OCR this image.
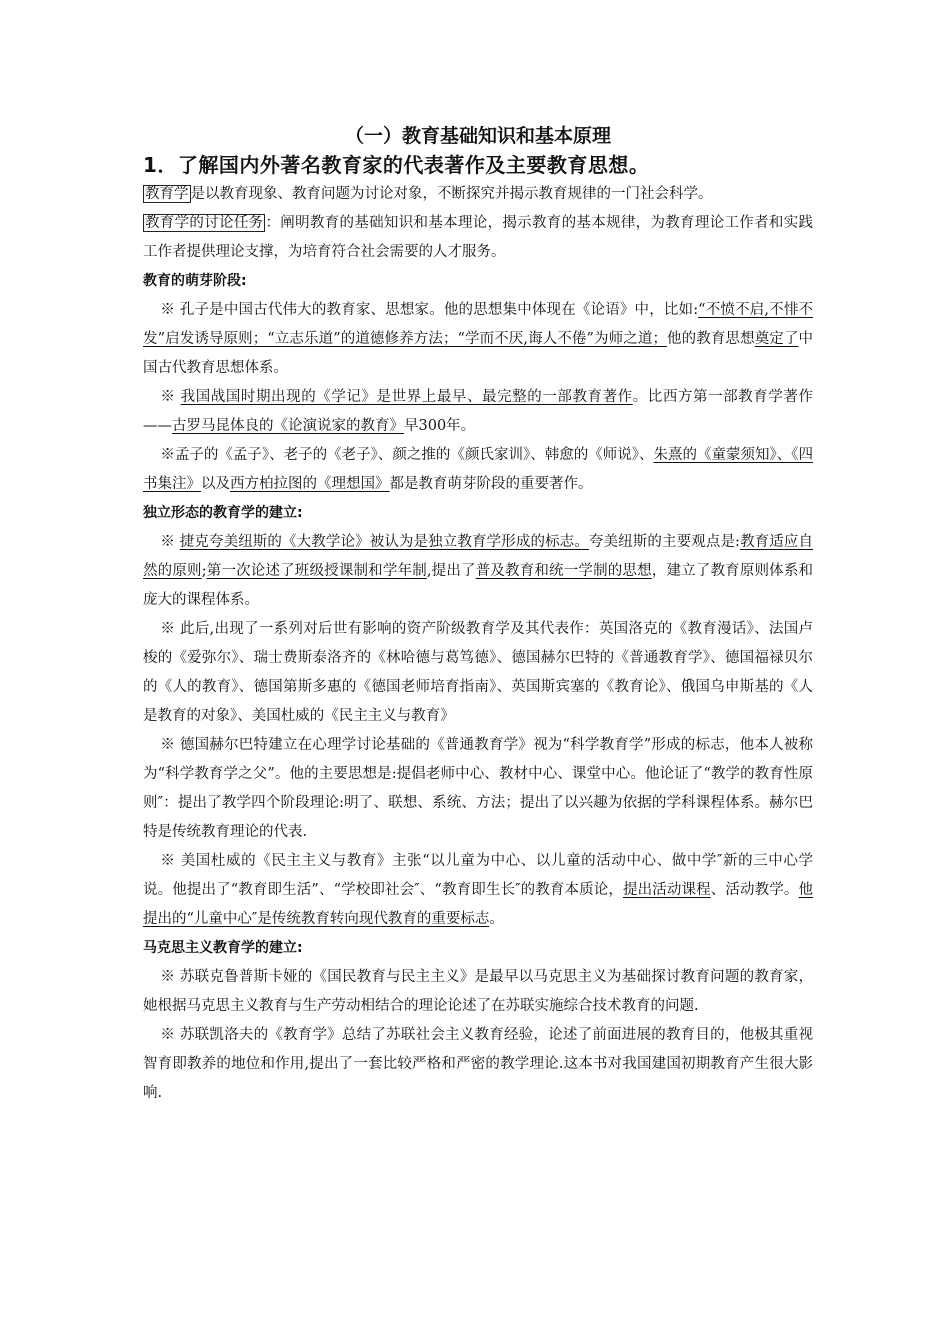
（一）教育基础知识和基本原理
1．了解国内外著名教育家的代表著作及主要教育思想。

教育学 是以教育现象、教育问题为讨论对象，不断探究并揭示教育规律的一门社会科学。

教育学的讨论任务 ：阐明教育的基础知识和基本理论，揭示教育的基本规律，为教育理论工作者和实践工作者提供理论支撑，为培育符合社会需要的人才服务。

教育的萌芽阶段:

※ 孔子是中国古代伟大的教育家、思想家。他的思想集中体现在《论语》中，比如:“不愤不启,不悱不发”启发诱导原则；“立志乐道”的道德修养方法；“学而不厌,诲人不倦”为师之道；他的教育思想奠定了中国古代教育思想体系。

※ 我国战国时期出现的《学记》是世界上最早、最完整的一部教育著作。比西方第一部教育学著作——古罗马昆体良的《论演说家的教育》早300年。

※孟子的《孟子》、老子的《老子》、颜之推的《颜氏家训》、韩愈的《师说》、朱熹的《童蒙须知》、《四书集注》以及西方柏拉图的《理想国》都是教育萌芽阶段的重要著作。

独立形态的教育学的建立:

※ 捷克夸美纽斯的《大教学论》被认为是独立教育学形成的标志。夸美纽斯的主要观点是:教育适应自然的原则;第一次论述了班级授课制和学年制,提出了普及教育和统一学制的思想，建立了教育原则体系和庞大的课程体系。

※ 此后,出现了一系列对后世有影响的资产阶级教育学及其代表作：英国洛克的《教育漫话》、法国卢梭的《爱弥尔》、瑞士费斯泰洛齐的《林哈德与葛笃德》、德国赫尔巴特的《普通教育学》、德国福禄贝尔的《人的教育》、德国第斯多惠的《德国老师培育指南》、英国斯宾塞的《教育论》、俄国乌申斯基的《人是教育的对象》、美国杜威的《民主主义与教育》

※ 德国赫尔巴特建立在心理学讨论基础的《普通教育学》视为“科学教育学”形成的标志，他本人被称为“科学教育学之父”。他的主要思想是:提倡老师中心、教材中心、课堂中心。他论证了“教学的教育性原则″：提出了教学四个阶段理论:明了、联想、系统、方法；提出了以兴趣为依据的学科课程体系。赫尔巴特是传统教育理论的代表.

※ 美国杜威的《民主主义与教育》主张“以儿童为中心、以儿童的活动中心、做中学″新的三中心学说。他提出了“教育即生活”、“学校即社会″、“教育即生长″的教育本质论，提出活动课程、活动教学。他提出的“儿童中心″是传统教育转向现代教育的重要标志。

马克思主义教育学的建立:

※ 苏联克鲁普斯卡娅的《国民教育与民主主义》是最早以马克思主义为基础探讨教育问题的教育家，她根据马克思主义教育与生产劳动相结合的理论论述了在苏联实施综合技术教育的问题.

※ 苏联凯洛夫的《教育学》总结了苏联社会主义教育经验，论述了前面进展的教育目的，他极其重视智育即教养的地位和作用,提出了一套比较严格和严密的教学理论.这本书对我国建国初期教育产生很大影响.
